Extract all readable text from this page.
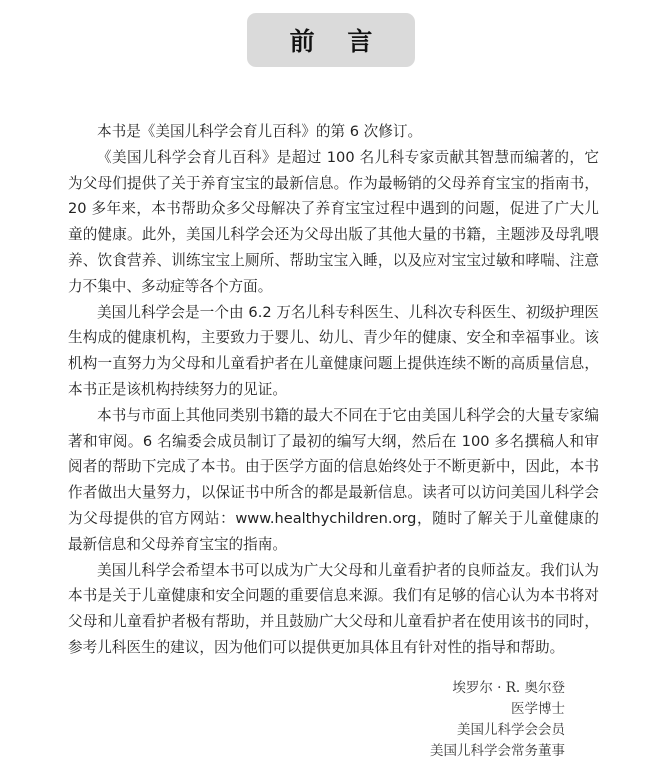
前 言

本书是《美国儿科学会育儿百科》的第 6 次修订。

《美国儿科学会育儿百科》是超过 100 名儿科专家贡献其智慧而编著的，它为父母们提供了关于养育宝宝的最新信息。作为最畅销的父母养育宝宝的指南书，20 多年来，本书帮助众多父母解决了养育宝宝过程中遇到的问题，促进了广大儿童的健康。此外，美国儿科学会还为父母出版了其他大量的书籍，主题涉及母乳喂养、饮食营养、训练宝宝上厕所、帮助宝宝入睡，以及应对宝宝过敏和哮喘、注意力不集中、多动症等各个方面。

美国儿科学会是一个由 6.2 万名儿科专科医生、儿科次专科医生、初级护理医生构成的健康机构，主要致力于婴儿、幼儿、青少年的健康、安全和幸福事业。该机构一直努力为父母和儿童看护者在儿童健康问题上提供连续不断的高质量信息，本书正是该机构持续努力的见证。

本书与市面上其他同类别书籍的最大不同在于它由美国儿科学会的大量专家编著和审阅。6 名编委会成员制订了最初的编写大纲，然后在 100 多名撰稿人和审阅者的帮助下完成了本书。由于医学方面的信息始终处于不断更新中，因此，本书作者做出大量努力，以保证书中所含的都是最新信息。读者可以访问美国儿科学会为父母提供的官方网站：www.healthychildren.org，随时了解关于儿童健康的最新信息和父母养育宝宝的指南。

美国儿科学会希望本书可以成为广大父母和儿童看护者的良师益友。我们认为本书是关于儿童健康和安全问题的重要信息来源。我们有足够的信心认为本书将对父母和儿童看护者极有帮助，并且鼓励广大父母和儿童看护者在使用该书的同时，参考儿科医生的建议，因为他们可以提供更加具体且有针对性的指导和帮助。

埃罗尔 · R. 奥尔登
医学博士
美国儿科学会会员
美国儿科学会常务董事
